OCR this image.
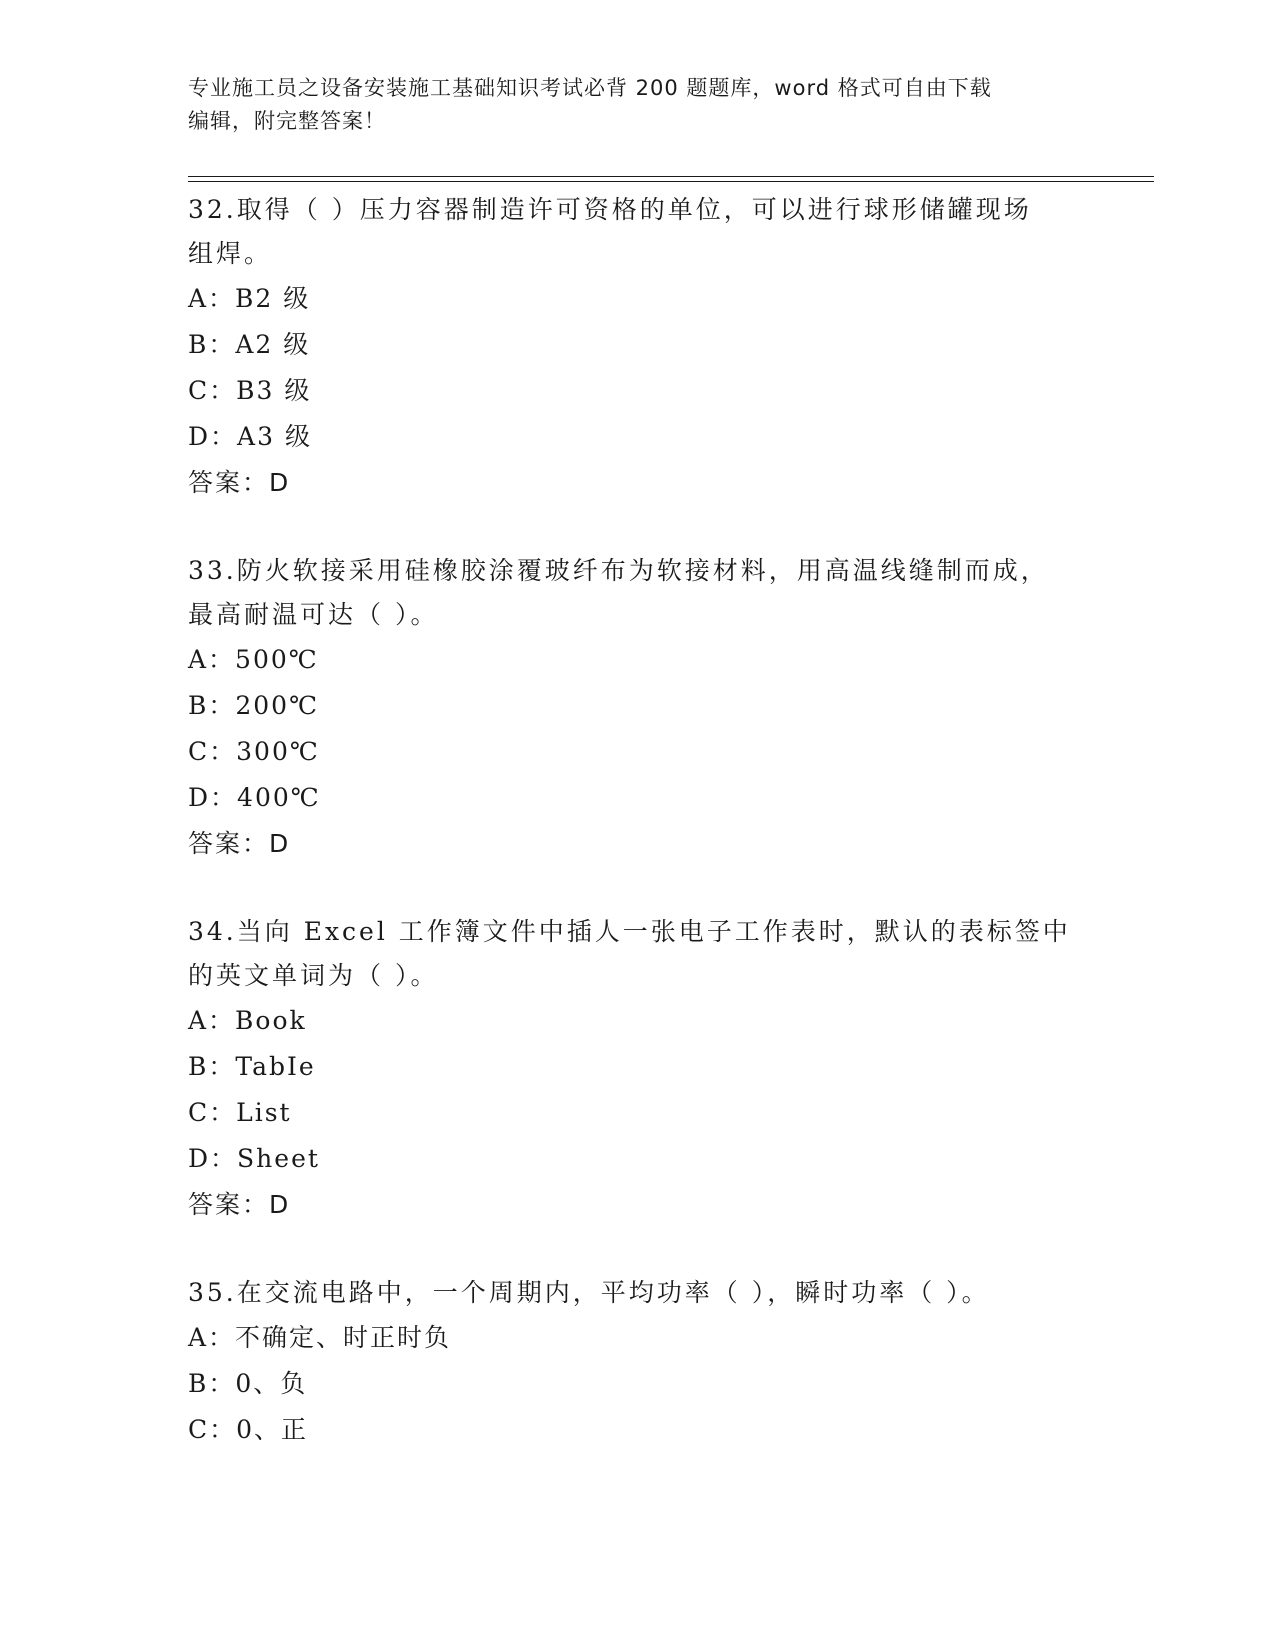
专业施工员之设备安装施工基础知识考试必背 200 题题库，word 格式可自由下载
编辑，附完整答案！

32.取得（ ）压力容器制造许可资格的单位，可以进行球形储罐现场

组焊。

A：B2 级

B：A2 级

C：B3 级

D：A3 级

答案：D

33.防火软接采用硅橡胶涂覆玻纤布为软接材料，用高温线缝制而成，

最高耐温可达（ ）。

A：500℃

B：200℃

C：300℃

D：400℃

答案：D

34.当向 Excel 工作簿文件中插人一张电子工作表时，默认的表标签中

的英文单词为（ ）。

A：Book

B：TabIe

C：List

D：Sheet

答案：D

35.在交流电路中，一个周期内，平均功率（ ），瞬时功率（ ）。

A：不确定、时正时负

B：0、负

C：0、正
